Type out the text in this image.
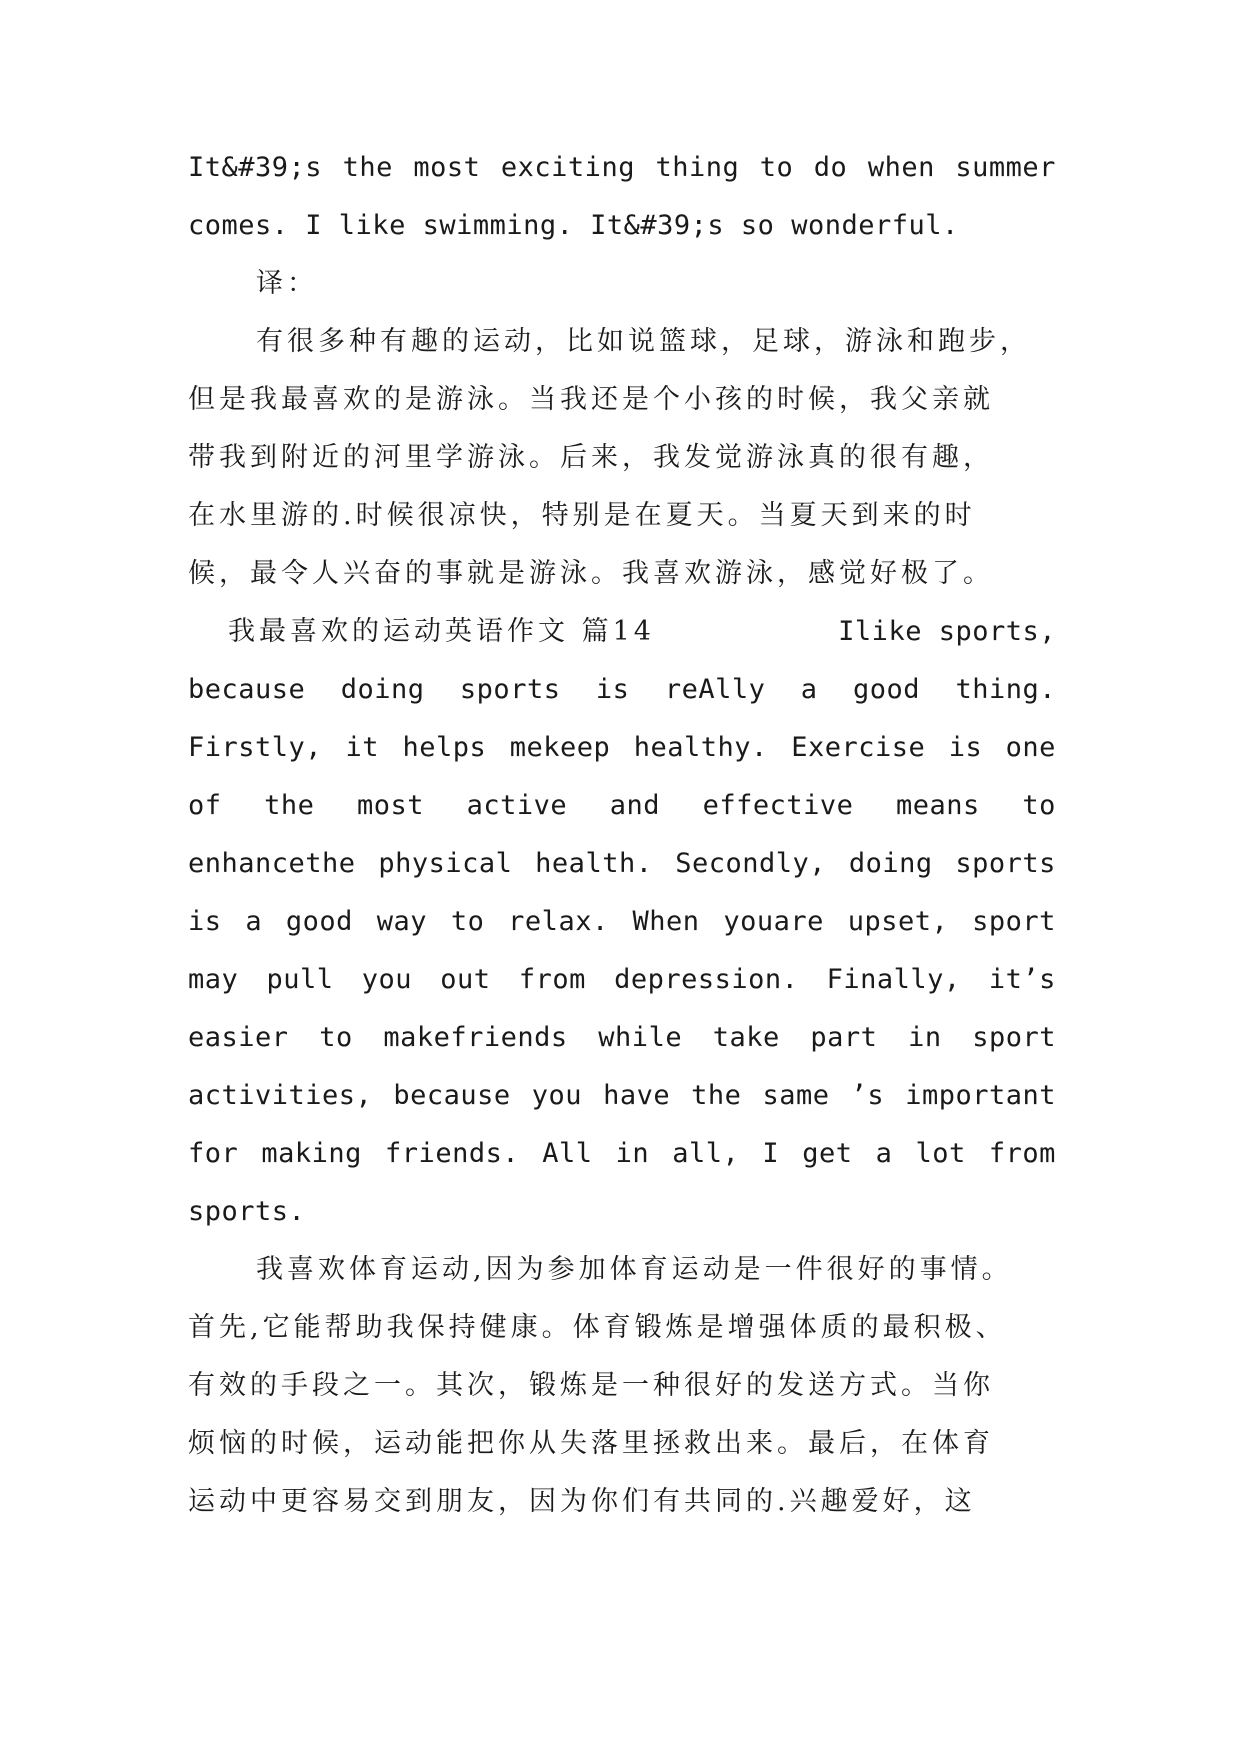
It&#39;s the most exciting thing to do when summer
comes. I like swimming. It&#39;s so wonderful.
译：
有很多种有趣的运动，比如说篮球，足球，游泳和跑步，
但是我最喜欢的是游泳。当我还是个小孩的时候，我父亲就
带我到附近的河里学游泳。后来，我发觉游泳真的很有趣，
在水里游的.时候很凉快，特别是在夏天。当夏天到来的时
候，最令人兴奋的事就是游泳。我喜欢游泳，感觉好极了。
我最喜欢的运动英语作文 篇14	Ilike sports,
because doing sports is reAlly a good thing.
Firstly, it helps mekeep healthy. Exercise is one
of the most active and effective means to
enhancethe physical health. Secondly, doing sports
is a good way to relax. When youare upset, sport
may pull you out from depression. Finally, it’s
easier to makefriends while take part in sport
activities, because you have the same ’s important
for making friends. All in all, I get a lot from
sports.
我喜欢体育运动,因为参加体育运动是一件很好的事情。
首先,它能帮助我保持健康。体育锻炼是增强体质的最积极、
有效的手段之一。其次，锻炼是一种很好的发送方式。当你
烦恼的时候，运动能把你从失落里拯救出来。最后，在体育
运动中更容易交到朋友，因为你们有共同的.兴趣爱好，这
